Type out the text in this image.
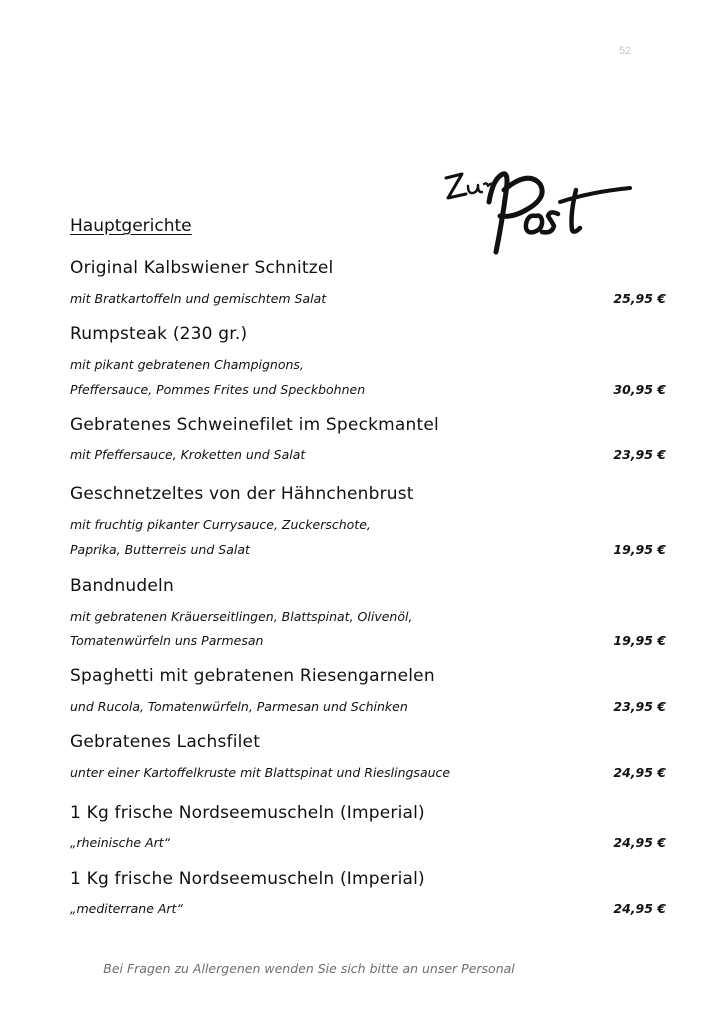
52
Hauptgerichte
Original Kalbswiener Schnitzel
mit Bratkartoffeln und gemischtem Salat	25,95 €
Rumpsteak (230 gr.)
mit pikant gebratenen Champignons,
Pfeffersauce, Pommes Frites und Speckbohnen	30,95 €
Gebratenes Schweinefilet im Speckmantel
mit Pfeffersauce, Kroketten und Salat	23,95 €
Geschnetzeltes von der Hähnchenbrust
mit fruchtig pikanter Currysauce, Zuckerschote,
Paprika, Butterreis und Salat	19,95 €
Bandnudeln
mit gebratenen Kräuerseitlingen, Blattspinat, Olivenöl,
Tomatenwürfeln uns Parmesan	19,95 €
Spaghetti mit gebratenen Riesengarnelen
und Rucola, Tomatenwürfeln, Parmesan und Schinken	23,95 €
Gebratenes Lachsfilet
unter einer Kartoffelkruste mit Blattspinat und Rieslingsauce	24,95 €
1 Kg frische Nordseemuscheln (Imperial)
„rheinische Art“	24,95 €
1 Kg frische Nordseemuscheln (Imperial)
„mediterrane Art“	24,95 €
Bei Fragen zu Allergenen wenden Sie sich bitte an unser Personal
